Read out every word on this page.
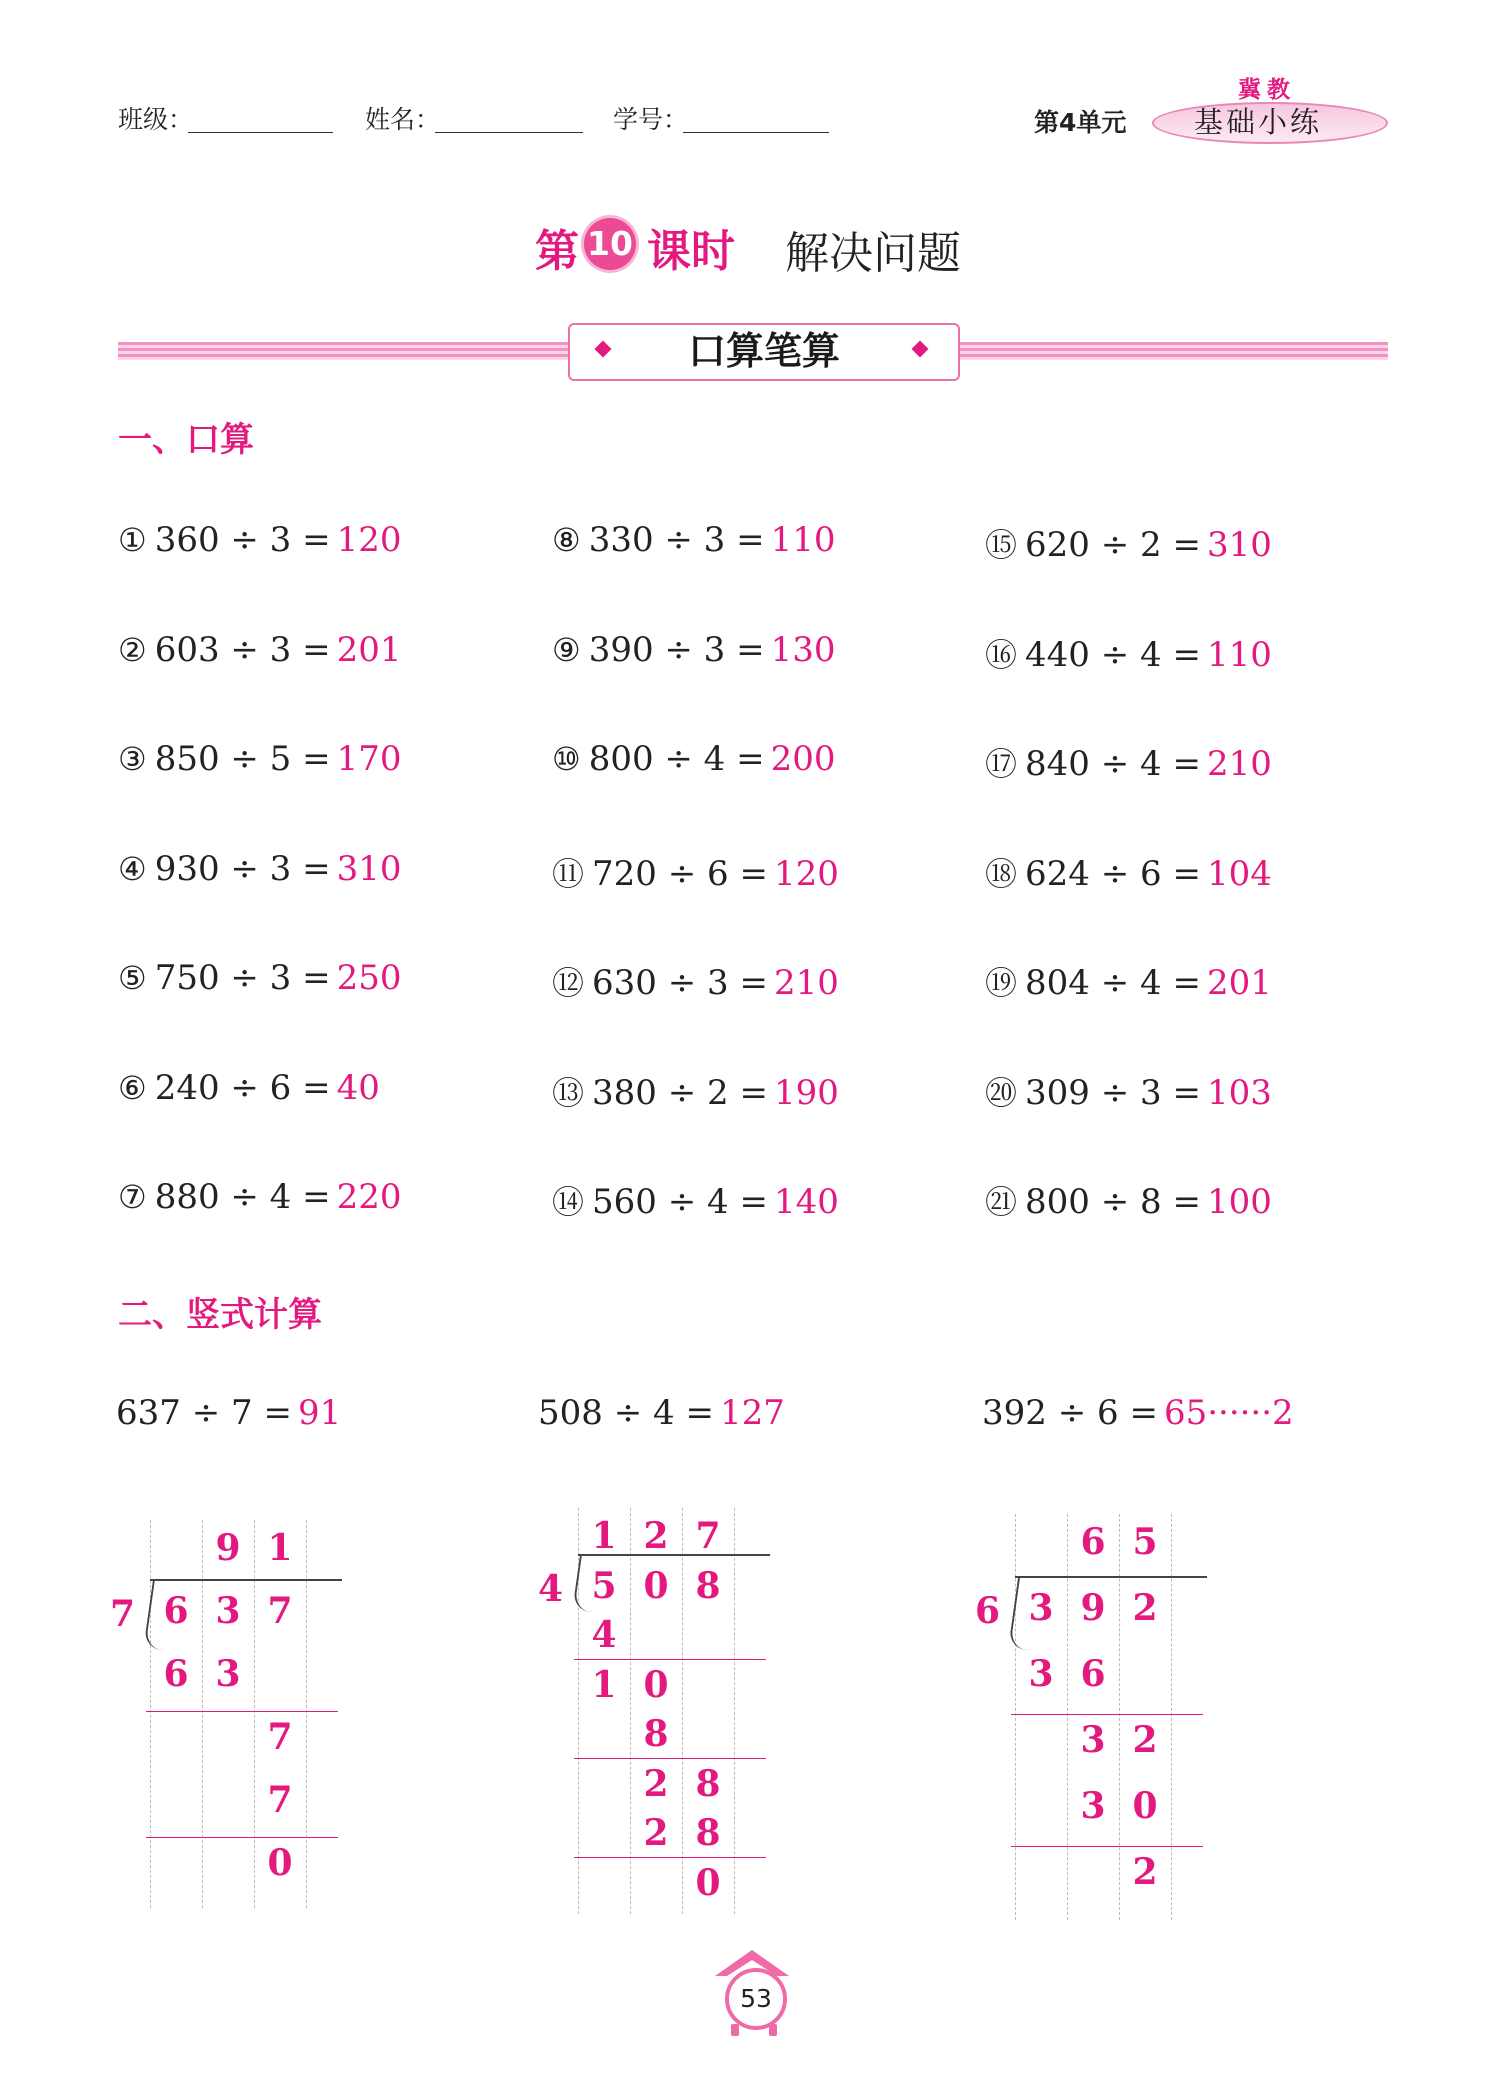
班级：	姓名：	学号：	第4单元
冀教
基础小练
第 10 课时 解决问题
口算笔算
一、口算
① 360 ÷ 3 = 120
② 603 ÷ 3 = 201
③ 850 ÷ 5 = 170
④ 930 ÷ 3 = 310
⑤ 750 ÷ 3 = 250
⑥ 240 ÷ 6 = 40
⑦ 880 ÷ 4 = 220
⑧ 330 ÷ 3 = 110
⑨ 390 ÷ 3 = 130
⑩ 800 ÷ 4 = 200
⑪ 720 ÷ 6 = 120
⑫ 630 ÷ 3 = 210
⑬ 380 ÷ 2 = 190
⑭ 560 ÷ 4 = 140
⑮ 620 ÷ 2 = 310
⑯ 440 ÷ 4 = 110
⑰ 840 ÷ 4 = 210
⑱ 624 ÷ 6 = 104
⑲ 804 ÷ 4 = 201
⑳ 309 ÷ 3 = 103
㉑ 800 ÷ 8 = 100
二、竖式计算
637 ÷ 7 = 91	508 ÷ 4 = 127	392 ÷ 6 = 65······2
7
9 1
6 3 7
6 3
7
7
0
4
1 2 7
5 0 8
4
1 0
8
2 8
2 8
0
6
6 5
3 9 2
3 6
3 2
3 0
2
53
